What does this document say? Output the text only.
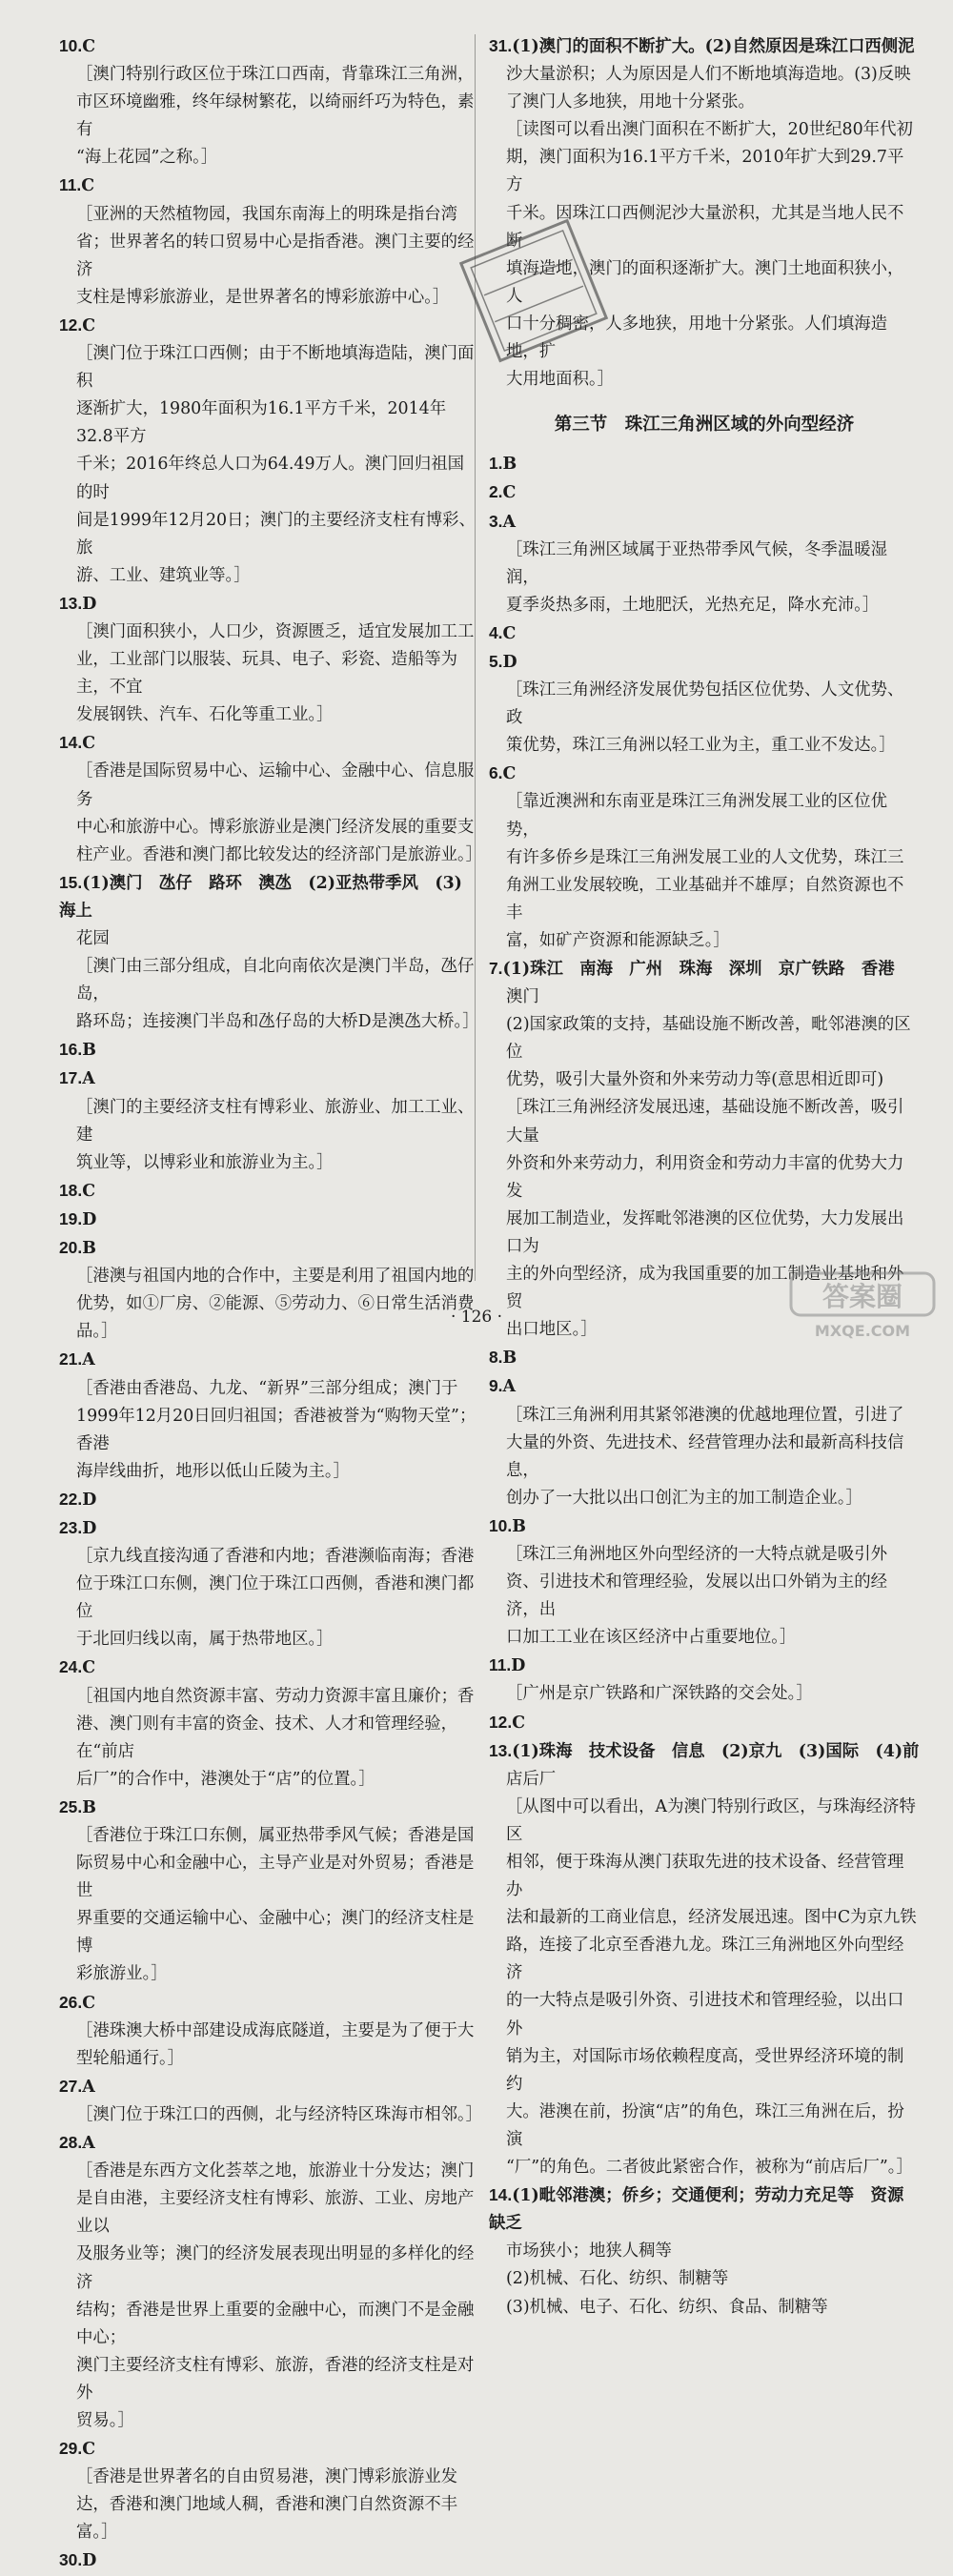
10.C
［澳门特别行政区位于珠江口西南，背靠珠江三角洲，
市区环境幽雅，终年绿树繁花，以绮丽纤巧为特色，素有
“海上花园”之称。］
11.C
［亚洲的天然植物园，我国东南海上的明珠是指台湾
省；世界著名的转口贸易中心是指香港。澳门主要的经济
支柱是博彩旅游业，是世界著名的博彩旅游中心。］
12.C
［澳门位于珠江口西侧；由于不断地填海造陆，澳门面积
逐渐扩大，1980年面积为16.1平方千米，2014年32.8平方
千米；2016年终总人口为64.49万人。澳门回归祖国的时
间是1999年12月20日；澳门的主要经济支柱有博彩、旅
游、工业、建筑业等。］
13.D
［澳门面积狭小，人口少，资源匮乏，适宜发展加工工
业，工业部门以服装、玩具、电子、彩瓷、造船等为主，不宜
发展钢铁、汽车、石化等重工业。］
14.C
［香港是国际贸易中心、运输中心、金融中心、信息服务
中心和旅游中心。博彩旅游业是澳门经济发展的重要支
柱产业。香港和澳门都比较发达的经济部门是旅游业。］
15.(1)澳门　氹仔　路环　澳氹　(2)亚热带季风　(3)海上
花园
［澳门由三部分组成，自北向南依次是澳门半岛，氹仔岛，
路环岛；连接澳门半岛和氹仔岛的大桥D是澳氹大桥。］
16.B
17.A
［澳门的主要经济支柱有博彩业、旅游业、加工工业、建
筑业等，以博彩业和旅游业为主。］
18.C
19.D
20.B
［港澳与祖国内地的合作中，主要是利用了祖国内地的
优势，如①厂房、②能源、⑤劳动力、⑥日常生活消费品。］
21.A
［香港由香港岛、九龙、“新界”三部分组成；澳门于
1999年12月20日回归祖国；香港被誉为“购物天堂”；香港
海岸线曲折，地形以低山丘陵为主。］
22.D
23.D
［京九线直接沟通了香港和内地；香港濒临南海；香港
位于珠江口东侧，澳门位于珠江口西侧，香港和澳门都位
于北回归线以南，属于热带地区。］
24.C
［祖国内地自然资源丰富、劳动力资源丰富且廉价；香
港、澳门则有丰富的资金、技术、人才和管理经验，在“前店
后厂”的合作中，港澳处于“店”的位置。］
25.B
［香港位于珠江口东侧，属亚热带季风气候；香港是国
际贸易中心和金融中心，主导产业是对外贸易；香港是世
界重要的交通运输中心、金融中心；澳门的经济支柱是博
彩旅游业。］
26.C
［港珠澳大桥中部建设成海底隧道，主要是为了便于大
型轮船通行。］
27.A
［澳门位于珠江口的西侧，北与经济特区珠海市相邻。］
28.A
［香港是东西方文化荟萃之地，旅游业十分发达；澳门
是自由港，主要经济支柱有博彩、旅游、工业、房地产业以
及服务业等；澳门的经济发展表现出明显的多样化的经济
结构；香港是世界上重要的金融中心，而澳门不是金融中心；
澳门主要经济支柱有博彩、旅游，香港的经济支柱是对外
贸易。］
29.C
［香港是世界著名的自由贸易港，澳门博彩旅游业发
达，香港和澳门地域人稠，香港和澳门自然资源不丰富。］
30.D
31.(1)澳门的面积不断扩大。(2)自然原因是珠江口西侧泥
沙大量淤积；人为原因是人们不断地填海造地。(3)反映
了澳门人多地狭，用地十分紧张。
［读图可以看出澳门面积在不断扩大，20世纪80年代初
期，澳门面积为16.1平方千米，2010年扩大到29.7平方
千米。因珠江口西侧泥沙大量淤积，尤其是当地人民不断
填海造地，澳门的面积逐渐扩大。澳门土地面积狭小，人
口十分稠密，人多地狭，用地十分紧张。人们填海造地，扩
大用地面积。］
第三节　珠江三角洲区域的外向型经济
1.B
2.C
3.A
［珠江三角洲区域属于亚热带季风气候，冬季温暖湿润，
夏季炎热多雨，土地肥沃，光热充足，降水充沛。］
4.C
5.D
［珠江三角洲经济发展优势包括区位优势、人文优势、政
策优势，珠江三角洲以轻工业为主，重工业不发达。］
6.C
［靠近澳洲和东南亚是珠江三角洲发展工业的区位优势，
有许多侨乡是珠江三角洲发展工业的人文优势，珠江三
角洲工业发展较晚，工业基础并不雄厚；自然资源也不丰
富，如矿产资源和能源缺乏。］
7.(1)珠江　南海　广州　珠海　深圳　京广铁路　香港
澳门
(2)国家政策的支持，基础设施不断改善，毗邻港澳的区位
优势，吸引大量外资和外来劳动力等(意思相近即可)
［珠江三角洲经济发展迅速，基础设施不断改善，吸引大量
外资和外来劳动力，利用资金和劳动力丰富的优势大力发
展加工制造业，发挥毗邻港澳的区位优势，大力发展出口为
主的外向型经济，成为我国重要的加工制造业基地和外贸
出口地区。］
8.B
9.A
［珠江三角洲利用其紧邻港澳的优越地理位置，引进了
大量的外资、先进技术、经营管理办法和最新高科技信息，
创办了一大批以出口创汇为主的加工制造企业。］
10.B
［珠江三角洲地区外向型经济的一大特点就是吸引外
资、引进技术和管理经验，发展以出口外销为主的经济，出
口加工工业在该区经济中占重要地位。］
11.D
［广州是京广铁路和广深铁路的交会处。］
12.C
13.(1)珠海　技术设备　信息　(2)京九　(3)国际　(4)前
店后厂
［从图中可以看出，A为澳门特别行政区，与珠海经济特区
相邻，便于珠海从澳门获取先进的技术设备、经营管理办
法和最新的工商业信息，经济发展迅速。图中C为京九铁
路，连接了北京至香港九龙。珠江三角洲地区外向型经济
的一大特点是吸引外资、引进技术和管理经验，以出口外
销为主，对国际市场依赖程度高，受世界经济环境的制约
大。港澳在前，扮演“店”的角色，珠江三角洲在后，扮演
“厂”的角色。二者彼此紧密合作，被称为“前店后厂”。］
14.(1)毗邻港澳；侨乡；交通便利；劳动力充足等　资源缺乏
市场狭小；地狭人稠等
(2)机械、石化、纺织、制糖等
(3)机械、电子、石化、纺织、食品、制糖等
· 126 ·
答案圈
MXQE.COM
